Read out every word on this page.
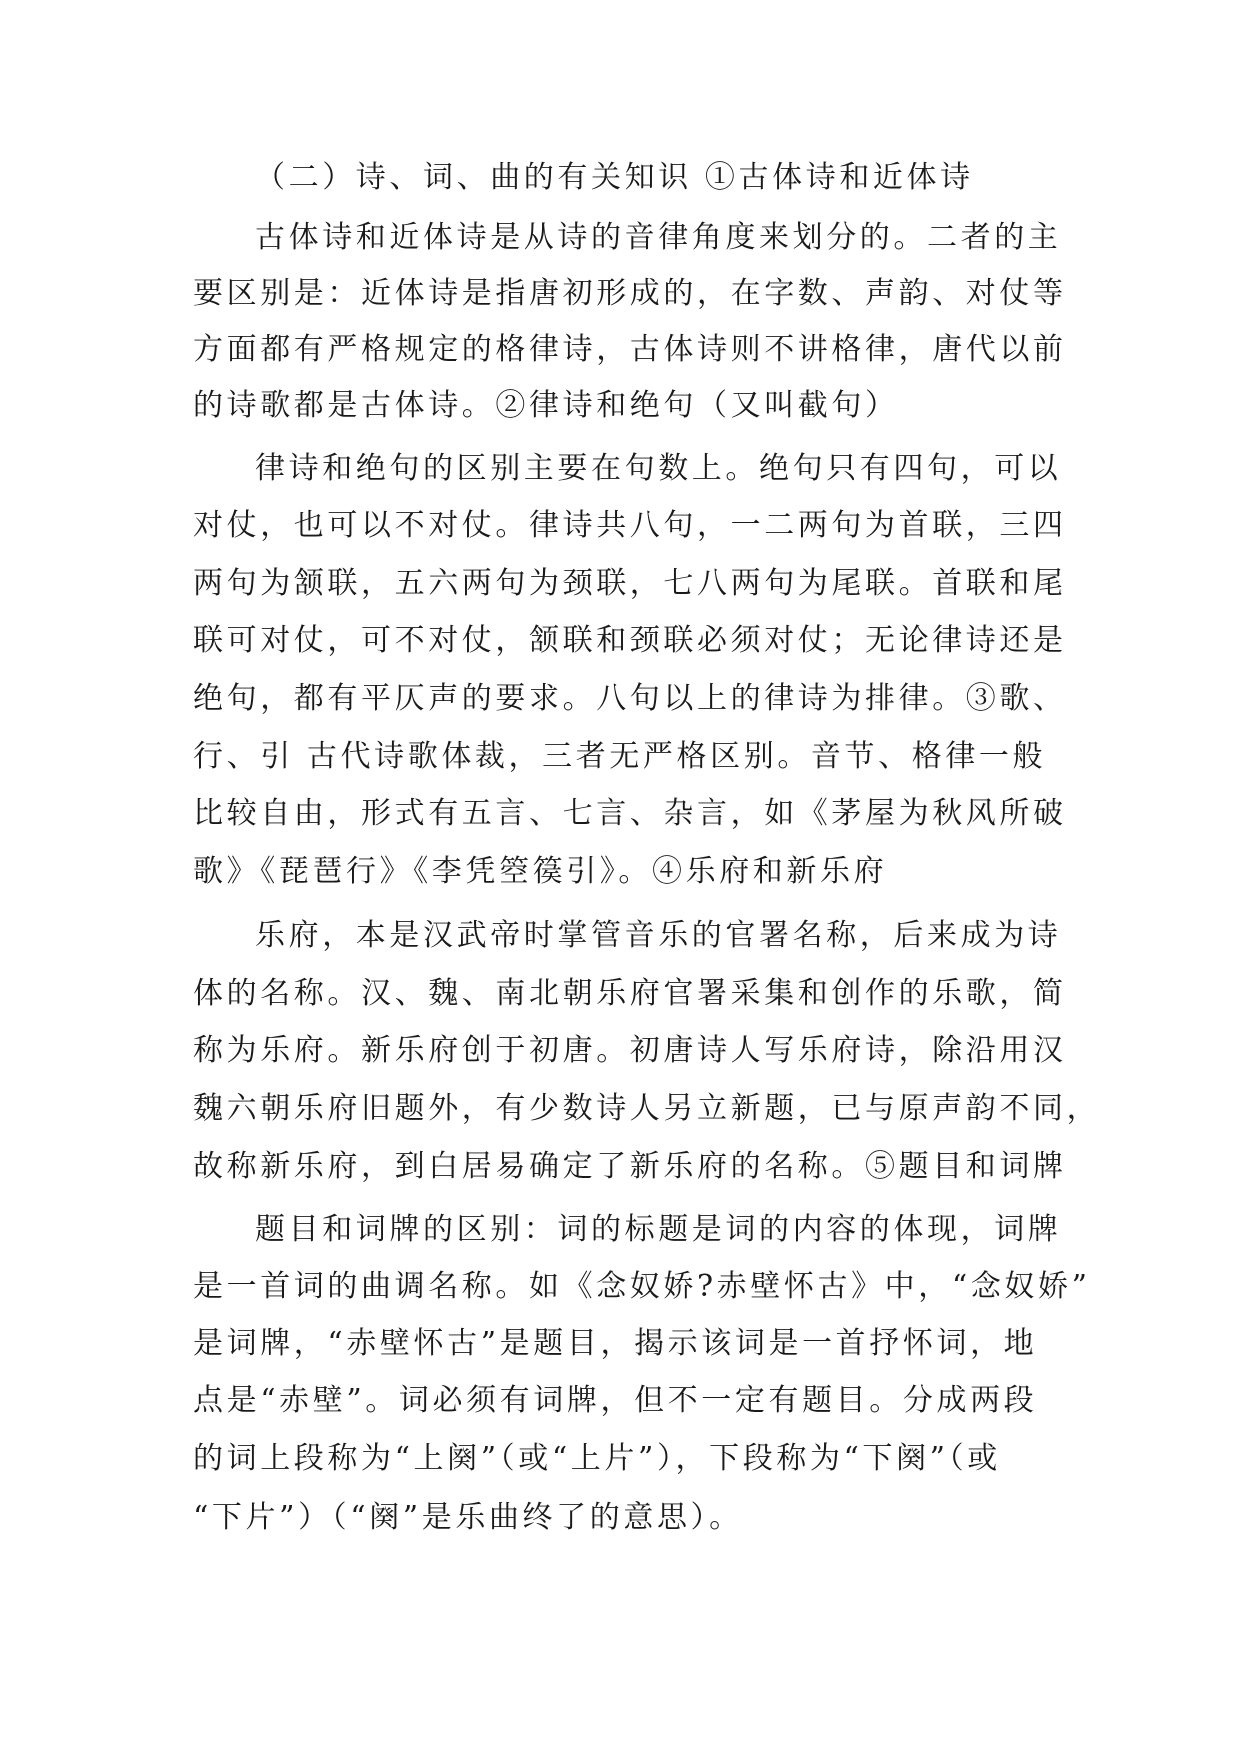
（二）诗、词、曲的有关知识 ①古体诗和近体诗
古体诗和近体诗是从诗的音律角度来划分的。二者的主
要区别是：近体诗是指唐初形成的，在字数、声韵、对仗等
方面都有严格规定的格律诗，古体诗则不讲格律，唐代以前
的诗歌都是古体诗。②律诗和绝句（又叫截句）
律诗和绝句的区别主要在句数上。绝句只有四句，可以
对仗，也可以不对仗。律诗共八句，一二两句为首联，三四
两句为颔联，五六两句为颈联，七八两句为尾联。首联和尾
联可对仗，可不对仗，颔联和颈联必须对仗；无论律诗还是
绝句，都有平仄声的要求。八句以上的律诗为排律。③歌、
行、引 古代诗歌体裁，三者无严格区别。音节、格律一般
比较自由，形式有五言、七言、杂言，如《茅屋为秋风所破
歌》《琵琶行》《李凭箜篌引》。④乐府和新乐府
乐府，本是汉武帝时掌管音乐的官署名称，后来成为诗
体的名称。汉、魏、南北朝乐府官署采集和创作的乐歌，简
称为乐府。新乐府创于初唐。初唐诗人写乐府诗，除沿用汉
魏六朝乐府旧题外，有少数诗人另立新题，已与原声韵不同，
故称新乐府，到白居易确定了新乐府的名称。⑤题目和词牌
题目和词牌的区别：词的标题是词的内容的体现，词牌
是一首词的曲调名称。如《念奴娇?赤壁怀古》中，“念奴娇”
是词牌，“赤壁怀古”是题目，揭示该词是一首抒怀词，地
点是“赤壁”。词必须有词牌，但不一定有题目。分成两段
的词上段称为“上阕”（或“上片”），下段称为“下阕”（或
“下片”）（“阕”是乐曲终了的意思）。
